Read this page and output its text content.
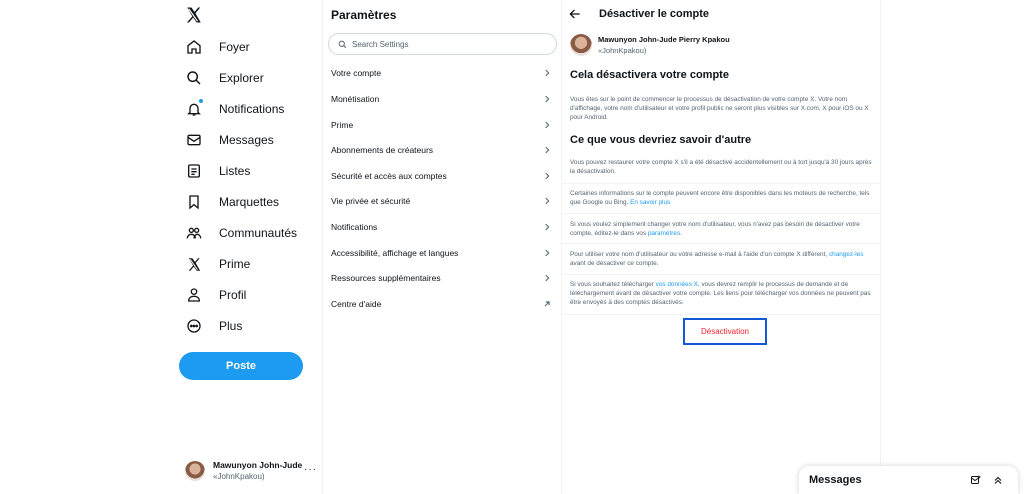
Foyer
Explorer
Notifications
Messages
Listes
Marquettes
Communautés
Prime
Profil
Plus
Poste
Mawunyon John-Jude
«JohnKpakou)
···
Paramètres
Search Settings
Votre compte
Monétisation
Prime
Abonnements de créateurs
Sécurité et accès aux comptes
Vie privée et sécurité
Notifications
Accessibilité, affichage et langues
Ressources supplémentaires
Centre d'aide
Désactiver le compte
Mawunyon John-Jude Pierry Kpakou
«JohnKpakou)
Cela désactivera votre compte

Vous êtes sur le point de commencer le processus de désactivation de votre compte X. Votre nom d'affichage, votre nom d'utilisateur et votre profil public ne seront plus visibles sur X.com, X pour iOS ou X pour Android.

Ce que vous devriez savoir d'autre

Vous pouvez restaurer votre compte X s'il a été désactivé accidentellement ou à tort jusqu'à 30 jours après la désactivation.

Certaines informations sur le compte peuvent encore être disponibles dans les moteurs de recherche, tels que Google ou Bing. En savoir plus

Si vous voulez simplement changer votre nom d'utilisateur, vous n'avez pas besoin de désactiver votre compte, éditez-le dans vos paramètres.

Pour utiliser votre nom d'utilisateur ou votre adresse e-mail à l'aide d'un compte X différent, changez-les avant de désactiver ce compte.

Si vous souhaitez télécharger vos données X, vous devrez remplir le processus de demande et de téléchargement avant de désactiver votre compte. Les liens pour télécharger vos données ne peuvent pas être envoyés à des comptes désactivés.

Désactivation
Messages
